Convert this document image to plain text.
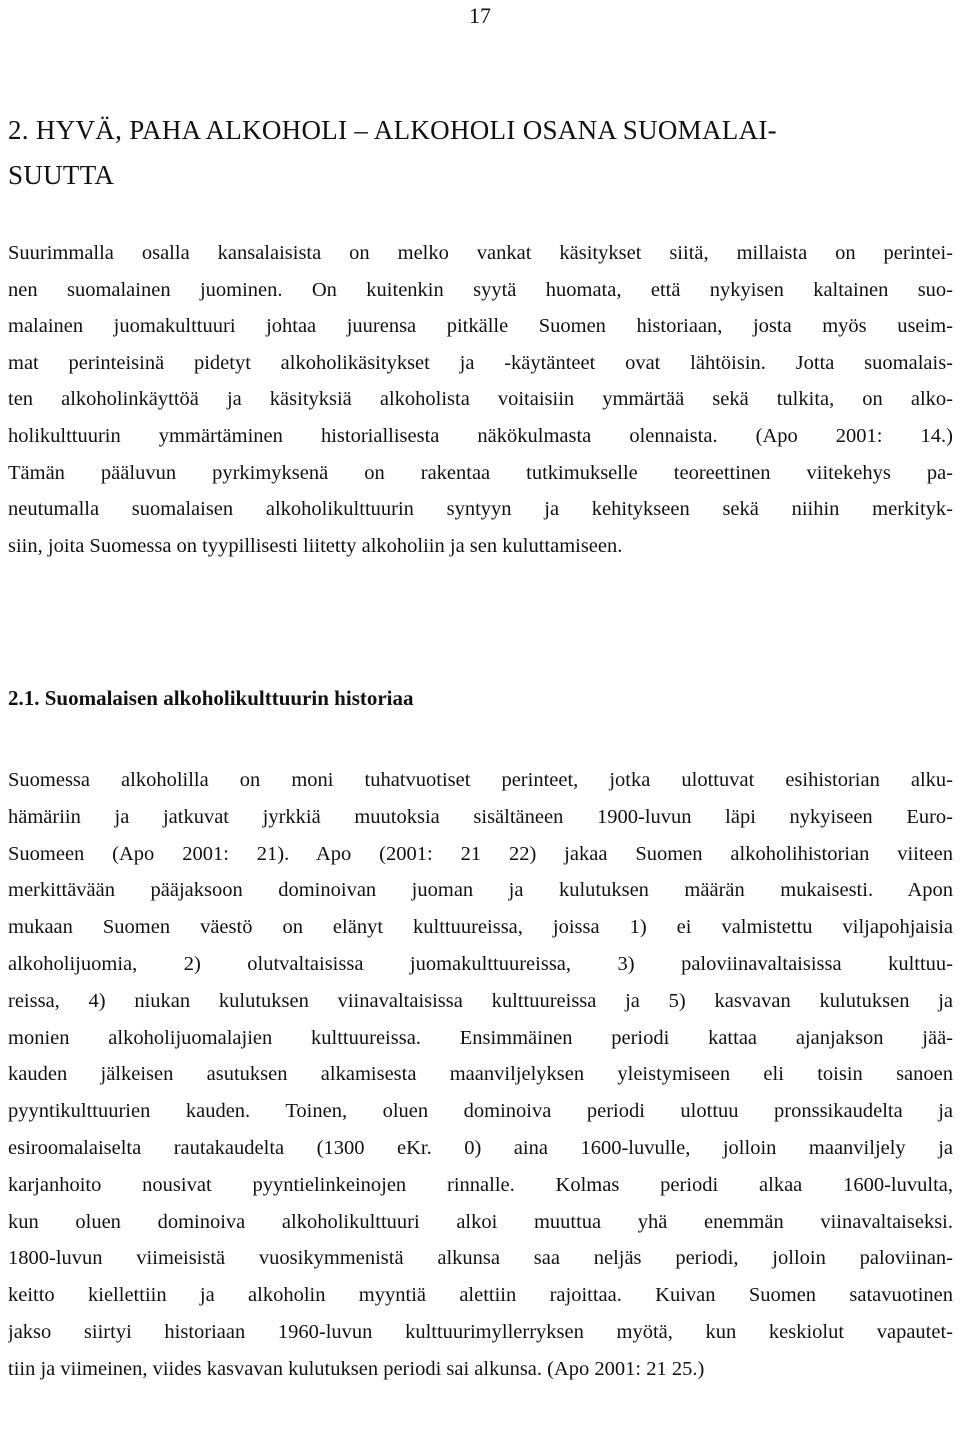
17
2. HYVÄ, PAHA ALKOHOLI – ALKOHOLI OSANA SUOMALAI-
SUUTTA

Suurimmalla osalla kansalaisista on melko vankat käsitykset siitä, millaista on perintei-
nen suomalainen juominen. On kuitenkin syytä huomata, että nykyisen kaltainen suo-
malainen juomakulttuuri johtaa juurensa pitkälle Suomen historiaan, josta myös useim-
mat perinteisinä pidetyt alkoholikäsitykset ja -käytänteet ovat lähtöisin. Jotta suomalais-
ten alkoholinkäyttöä ja käsityksiä alkoholista voitaisiin ymmärtää sekä tulkita, on alko-
holikulttuurin ymmärtäminen historiallisesta näkökulmasta olennaista. (Apo 2001: 14.)
Tämän pääluvun pyrkimyksenä on rakentaa tutkimukselle teoreettinen viitekehys pa-
neutumalla suomalaisen alkoholikulttuurin syntyyn ja kehitykseen sekä niihin merkityk-
siin, joita Suomessa on tyypillisesti liitetty alkoholiin ja sen kuluttamiseen.

2.1. Suomalaisen alkoholikulttuurin historiaa

Suomessa alkoholilla on moni tuhatvuotiset perinteet, jotka ulottuvat esihistorian alku-
hämäriin ja jatkuvat jyrkkiä muutoksia sisältäneen 1900-luvun läpi nykyiseen Euro-
Suomeen (Apo 2001: 21). Apo (2001: 21 22) jakaa Suomen alkoholihistorian viiteen
merkittävään pääjaksoon dominoivan juoman ja kulutuksen määrän mukaisesti. Apon
mukaan Suomen väestö on elänyt kulttuureissa, joissa 1) ei valmistettu viljapohjaisia
alkoholijuomia, 2) olutvaltaisissa juomakulttuureissa, 3) paloviinavaltaisissa kulttuu-
reissa, 4) niukan kulutuksen viinavaltaisissa kulttuureissa ja 5) kasvavan kulutuksen ja
monien alkoholijuomalajien kulttuureissa. Ensimmäinen periodi kattaa ajanjakson jää-
kauden jälkeisen asutuksen alkamisesta maanviljelyksen yleistymiseen eli toisin sanoen
pyyntikulttuurien kauden. Toinen, oluen dominoiva periodi ulottuu pronssikaudelta ja
esiroomalaiselta rautakaudelta (1300 eKr. 0) aina 1600-luvulle, jolloin maanviljely ja
karjanhoito nousivat pyyntielinkeinojen rinnalle. Kolmas periodi alkaa 1600-luvulta,
kun oluen dominoiva alkoholikulttuuri alkoi muuttua yhä enemmän viinavaltaiseksi.
1800-luvun viimeisistä vuosikymmenistä alkunsa saa neljäs periodi, jolloin paloviinan-
keitto kiellettiin ja alkoholin myyntiä alettiin rajoittaa. Kuivan Suomen satavuotinen
jakso siirtyi historiaan 1960-luvun kulttuurimyllerryksen myötä, kun keskiolut vapautet-
tiin ja viimeinen, viides kasvavan kulutuksen periodi sai alkunsa. (Apo 2001: 21 25.)
